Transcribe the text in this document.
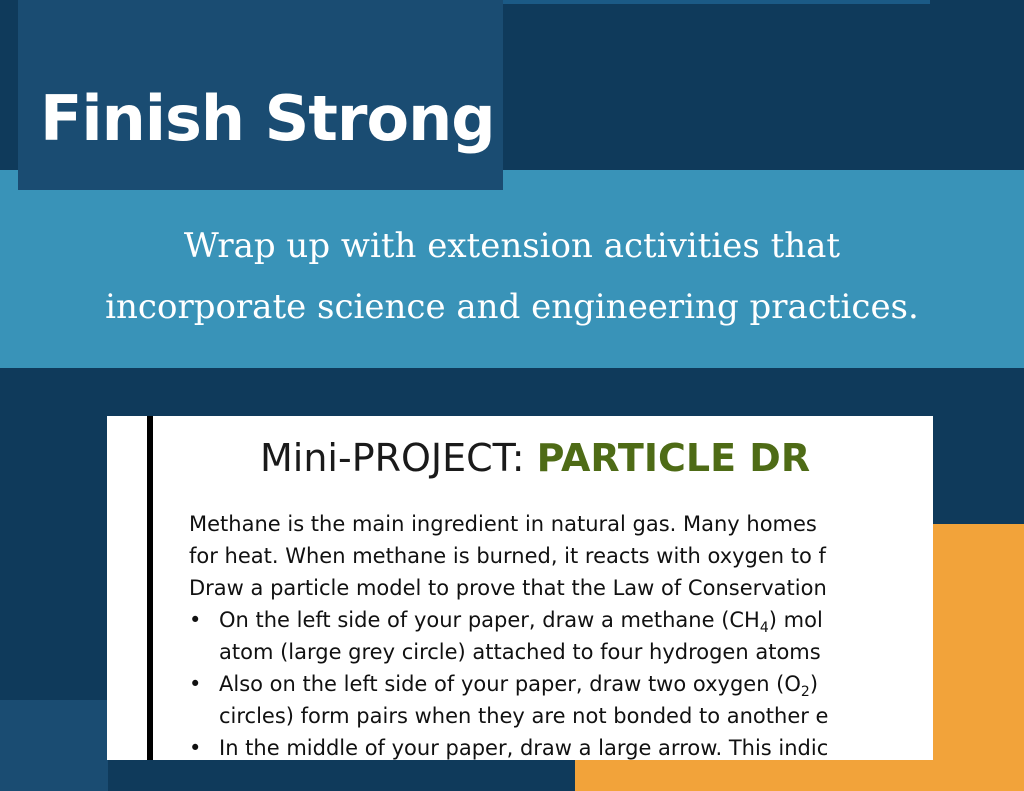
Finish Strong
Wrap up with extension activities that
incorporate science and engineering practices.
Mini-PROJECT: PARTICLE DR
Methane is the main ingredient in natural gas. Many homes
for heat. When methane is burned, it reacts with oxygen to f
Draw a particle model to prove that the Law of Conservation
• On the left side of your paper, draw a methane $(CH_4)$ mol
atom (large grey circle) attached to four hydrogen atoms
• Also on the left side of your paper, draw two oxygen $(O_2)$
circles) form pairs when they are not bonded to another e
• In the middle of your paper, draw a large arrow. This indic
